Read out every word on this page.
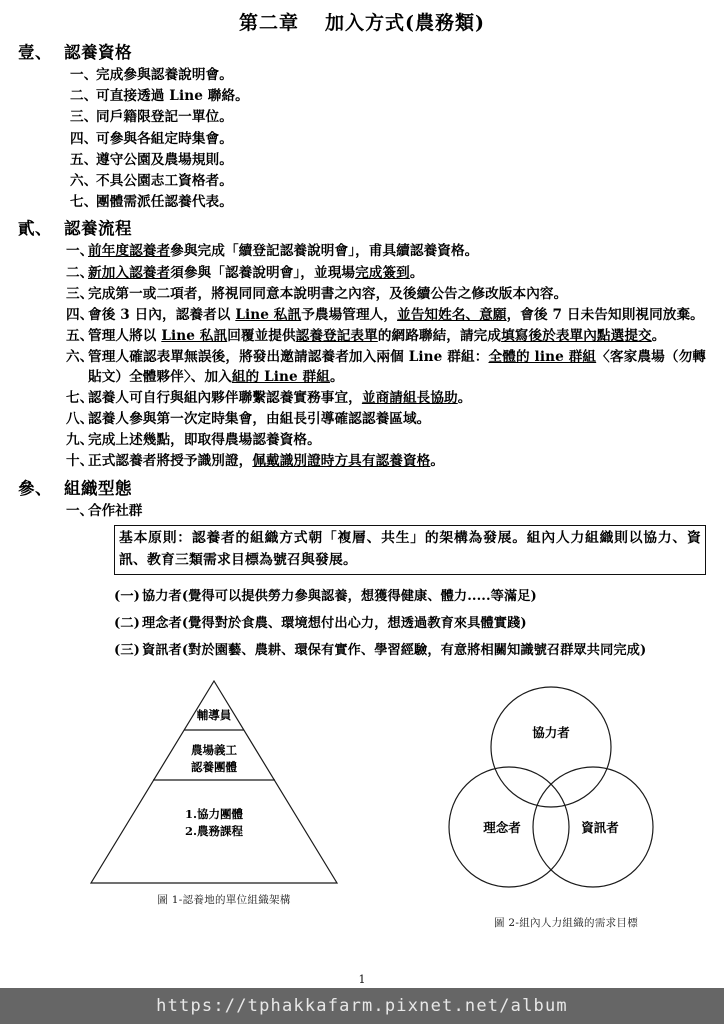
第二章 加入方式(農務類)
壹、 認養資格
一、
完成參與認養說明會。
二、
可直接透過 Line 聯絡。
三、
同戶籍限登記一單位。
四、
可參與各組定時集會。
五、
遵守公園及農場規則。
六、
不具公園志工資格者。
七、
團體需派任認養代表。
貳、 認養流程
一、
前年度認養者參與完成「續登記認養說明會」，甫具續認養資格。
二、
新加入認養者須參與「認養說明會」，並現場完成簽到。
三、
完成第一或二項者，將視同同意本說明書之內容，及後續公告之修改版本內容。
四、
會後 3 日內，認養者以 Line 私訊予農場管理人，並告知姓名、意願，會後 7 日未告知則視同放棄。
五、
管理人將以 Line 私訊回覆並提供認養登記表單的網路聯結，請完成填寫後於表單內點選提交。
六、
管理人確認表單無誤後，將發出邀請認養者加入兩個 Line 群組：全體的 line 群組〈客家農場（勿轉貼文）全體夥伴〉、加入組的 Line 群組。
七、
認養人可自行與組內夥伴聯繫認養實務事宜，並商請組長協助。
八、
認養人參與第一次定時集會，由組長引導確認認養區域。
九、
完成上述幾點，即取得農場認養資格。
十、
正式認養者將授予識別證，佩戴識別證時方具有認養資格。
參、 組織型態
一、
合作社群
基本原則：認養者的組織方式朝「複層、共生」的架構為發展。組內人力組織則以協力、資訊、教育三類需求目標為號召與發展。
(一) 協力者(覺得可以提供勞力參與認養，想獲得健康、體力.....等滿足)
(二) 理念者(覺得對於食農、環境想付出心力，想透過教育來具體實踐)
(三) 資訊者(對於園藝、農耕、環保有實作、學習經驗，有意將相關知識號召群眾共同完成)
輔導員
農場義工
認養團體
1.協力團體
2.農務課程
圖 1-認養地的單位組織架構
協力者
理念者	資訊者
圖 2-組內人力組織的需求目標
1
https://tphakkafarm.pixnet.net/album
